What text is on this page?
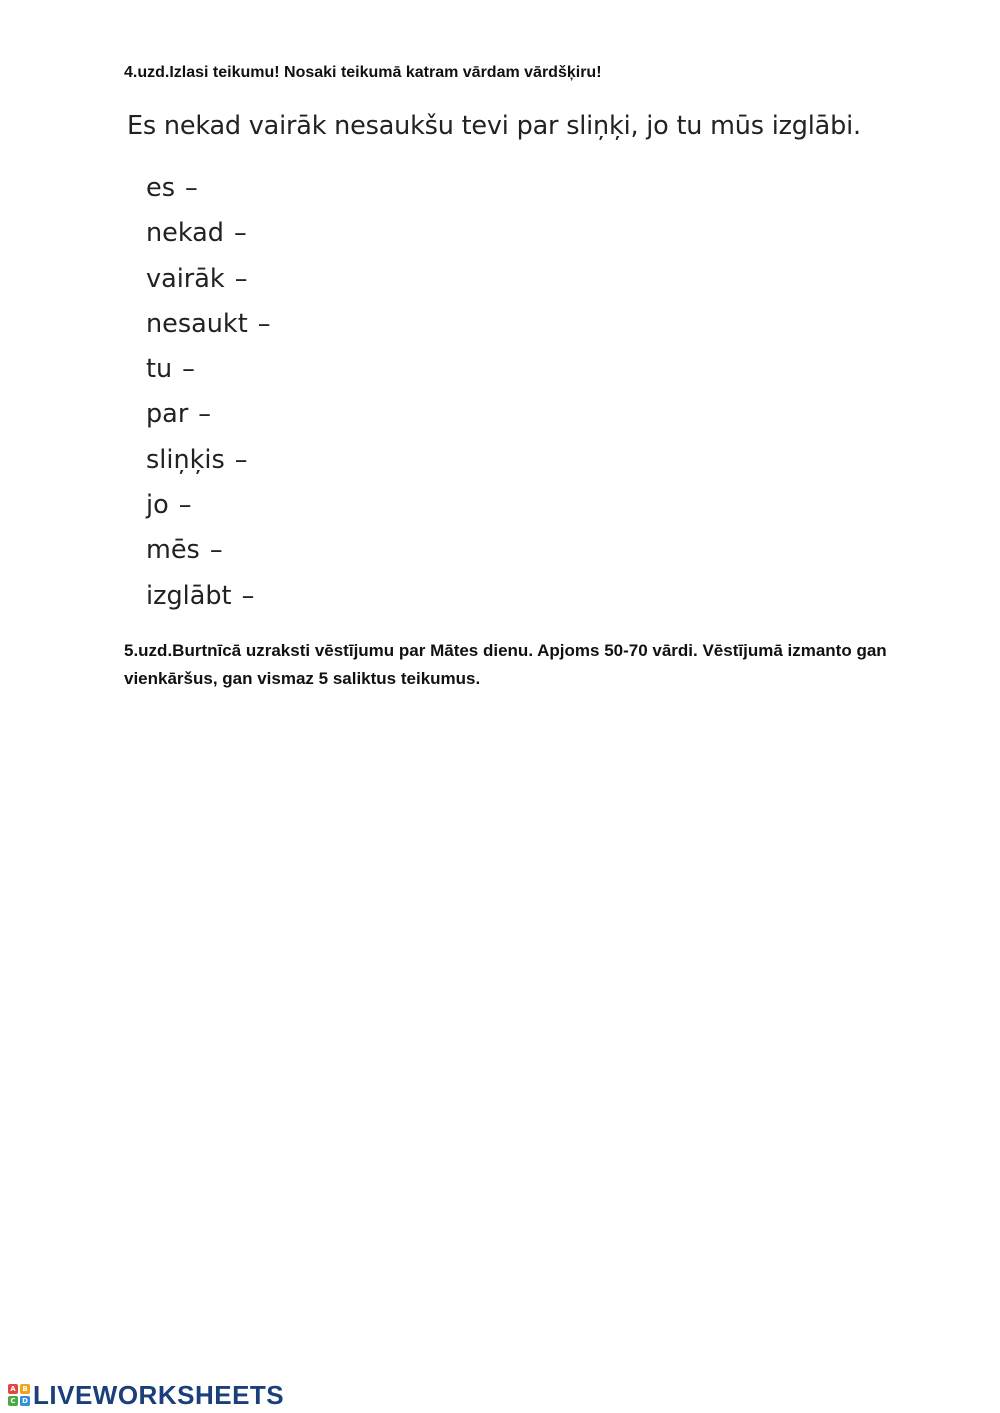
4.uzd.Izlasi teikumu! Nosaki teikumā katram vārdam vārdšķiru!
Es nekad vairāk nesaukšu tevi par sliņķi, jo tu mūs izglābi.
es –
nekad –
vairāk –
nesaukt –
tu –
par –
sliņķis –
jo –
mēs –
izglābt –
5.uzd.Burtnīcā uzraksti vēstījumu par Mātes dienu. Apjoms 50-70 vārdi. Vēstījumā izmanto gan vienkāršus, gan vismaz 5 saliktus teikumus.
A B
C D LIVEWORKSHEETS
